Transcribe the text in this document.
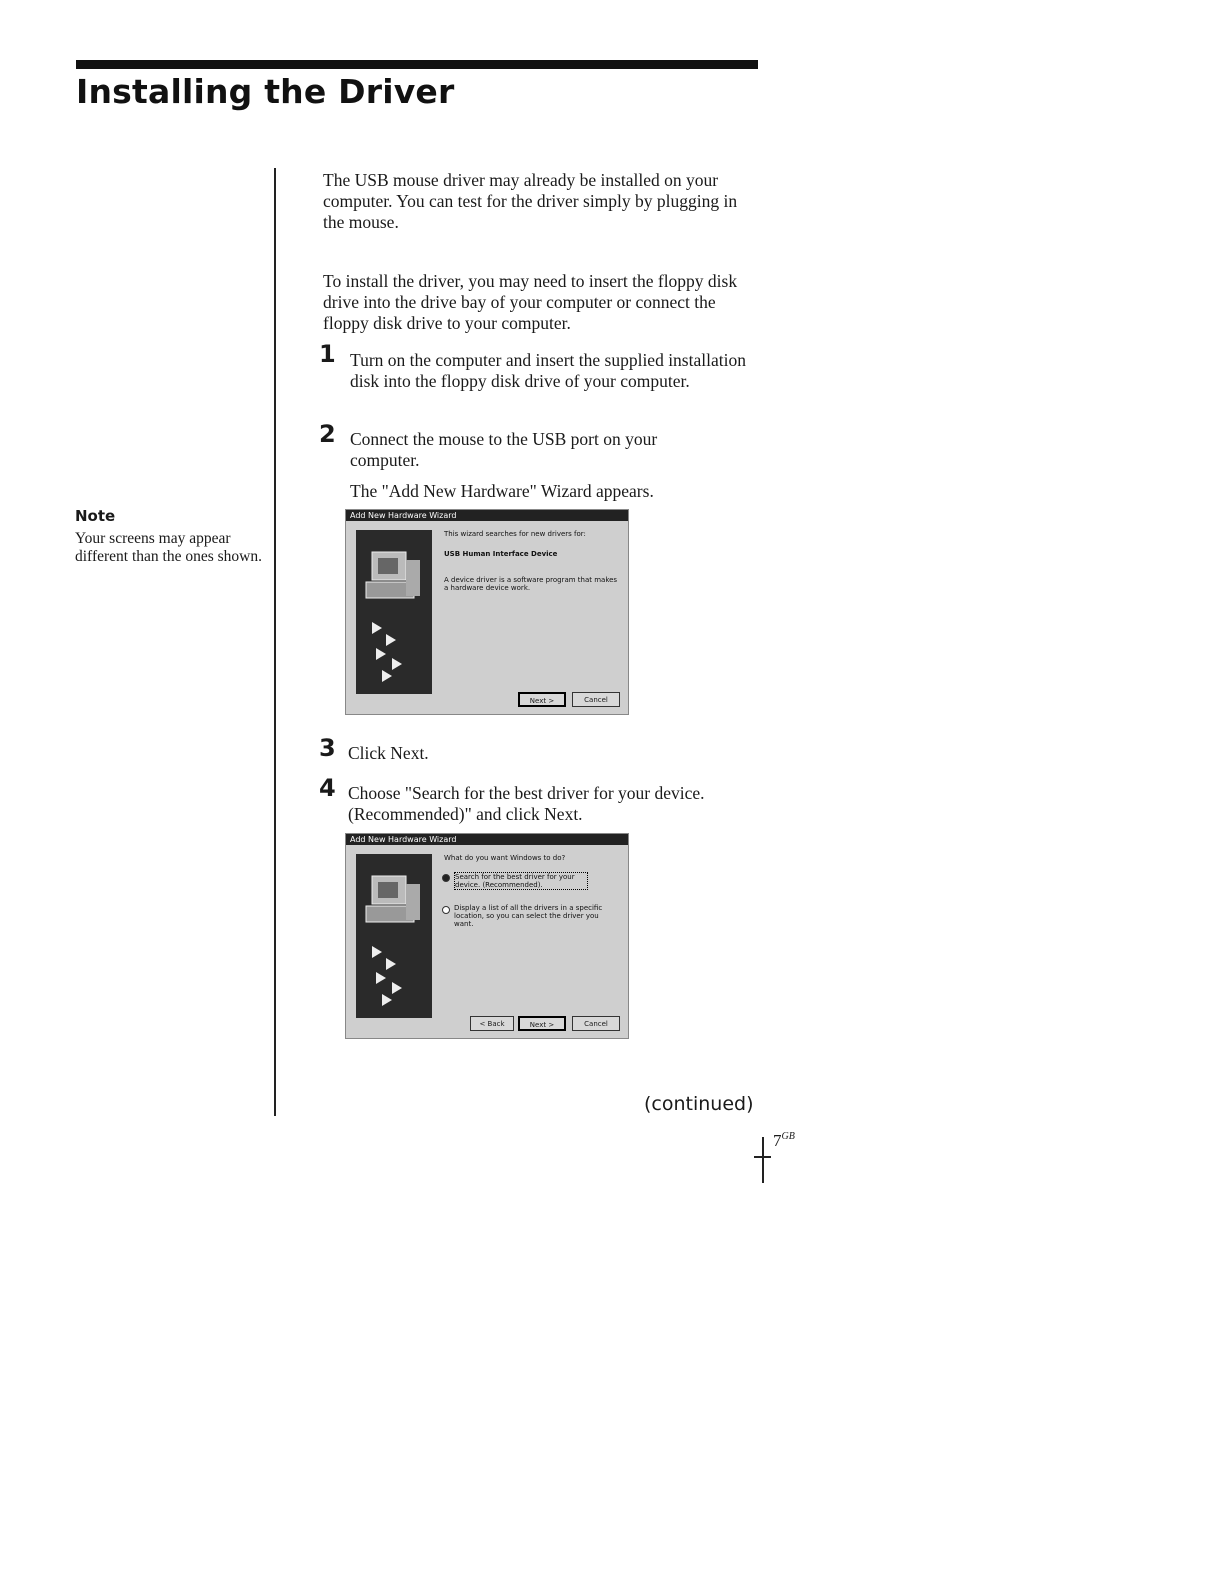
Installing the Driver
Note
Your screens may appear different than the ones shown.

The USB mouse driver may already be installed on your computer. You can test for the driver simply by plugging in the mouse.

To install the driver, you may need to insert the floppy disk drive into the drive bay of your computer or connect the floppy disk drive to your computer.

1 Turn on the computer and insert the supplied installation disk into the floppy disk drive of your computer.

2 Connect the mouse to the USB port on your computer.

The "Add New Hardware" Wizard appears.

Add New Hardware Wizard
This wizard searches for new drivers for:
USB Human Interface Device
A device driver is a software program that makes a hardware device work.
Next >	Cancel
3 Click Next.

4 Choose "Search for the best driver for your device. (Recommended)" and click Next.

Add New Hardware Wizard
What do you want Windows to do?
Search for the best driver for your device. (Recommended).
Display a list of all the drivers in a specific location, so you can select the driver you want.
< Back	Next >	Cancel
(continued)
$7^{GB}$
